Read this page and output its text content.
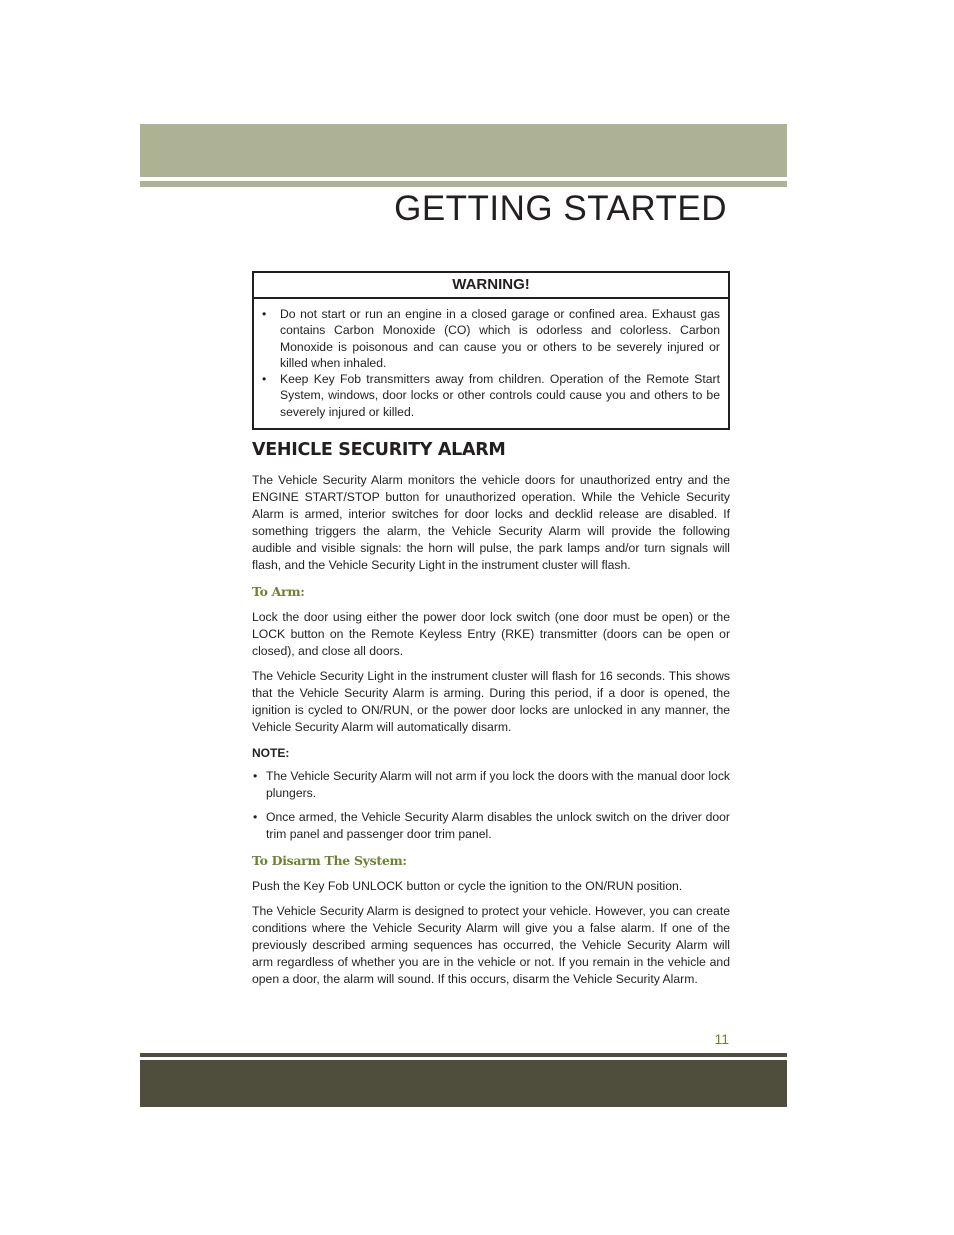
GETTING STARTED
WARNING!
• Do not start or run an engine in a closed garage or confined area. Exhaust gas contains Carbon Monoxide (CO) which is odorless and colorless. Carbon Monoxide is poisonous and can cause you or others to be severely injured or killed when inhaled.
• Keep Key Fob transmitters away from children. Operation of the Remote Start System, windows, door locks or other controls could cause you and others to be severely injured or killed.
VEHICLE SECURITY ALARM

The Vehicle Security Alarm monitors the vehicle doors for unauthorized entry and the ENGINE START/STOP button for unauthorized operation. While the Vehicle Security Alarm is armed, interior switches for door locks and decklid release are disabled. If something triggers the alarm, the Vehicle Security Alarm will provide the following audible and visible signals: the horn will pulse, the park lamps and/or turn signals will flash, and the Vehicle Security Light in the instrument cluster will flash.

To Arm:

Lock the door using either the power door lock switch (one door must be open) or the LOCK button on the Remote Keyless Entry (RKE) transmitter (doors can be open or closed), and close all doors.

The Vehicle Security Light in the instrument cluster will flash for 16 seconds. This shows that the Vehicle Security Alarm is arming. During this period, if a door is opened, the ignition is cycled to ON/RUN, or the power door locks are unlocked in any manner, the Vehicle Security Alarm will automatically disarm.

NOTE:
• The Vehicle Security Alarm will not arm if you lock the doors with the manual door lock plungers.
• Once armed, the Vehicle Security Alarm disables the unlock switch on the driver door trim panel and passenger door trim panel.
To Disarm The System:

Push the Key Fob UNLOCK button or cycle the ignition to the ON/RUN position.

The Vehicle Security Alarm is designed to protect your vehicle. However, you can create conditions where the Vehicle Security Alarm will give you a false alarm. If one of the previously described arming sequences has occurred, the Vehicle Security Alarm will arm regardless of whether you are in the vehicle or not. If you remain in the vehicle and open a door, the alarm will sound. If this occurs, disarm the Vehicle Security Alarm.

11
